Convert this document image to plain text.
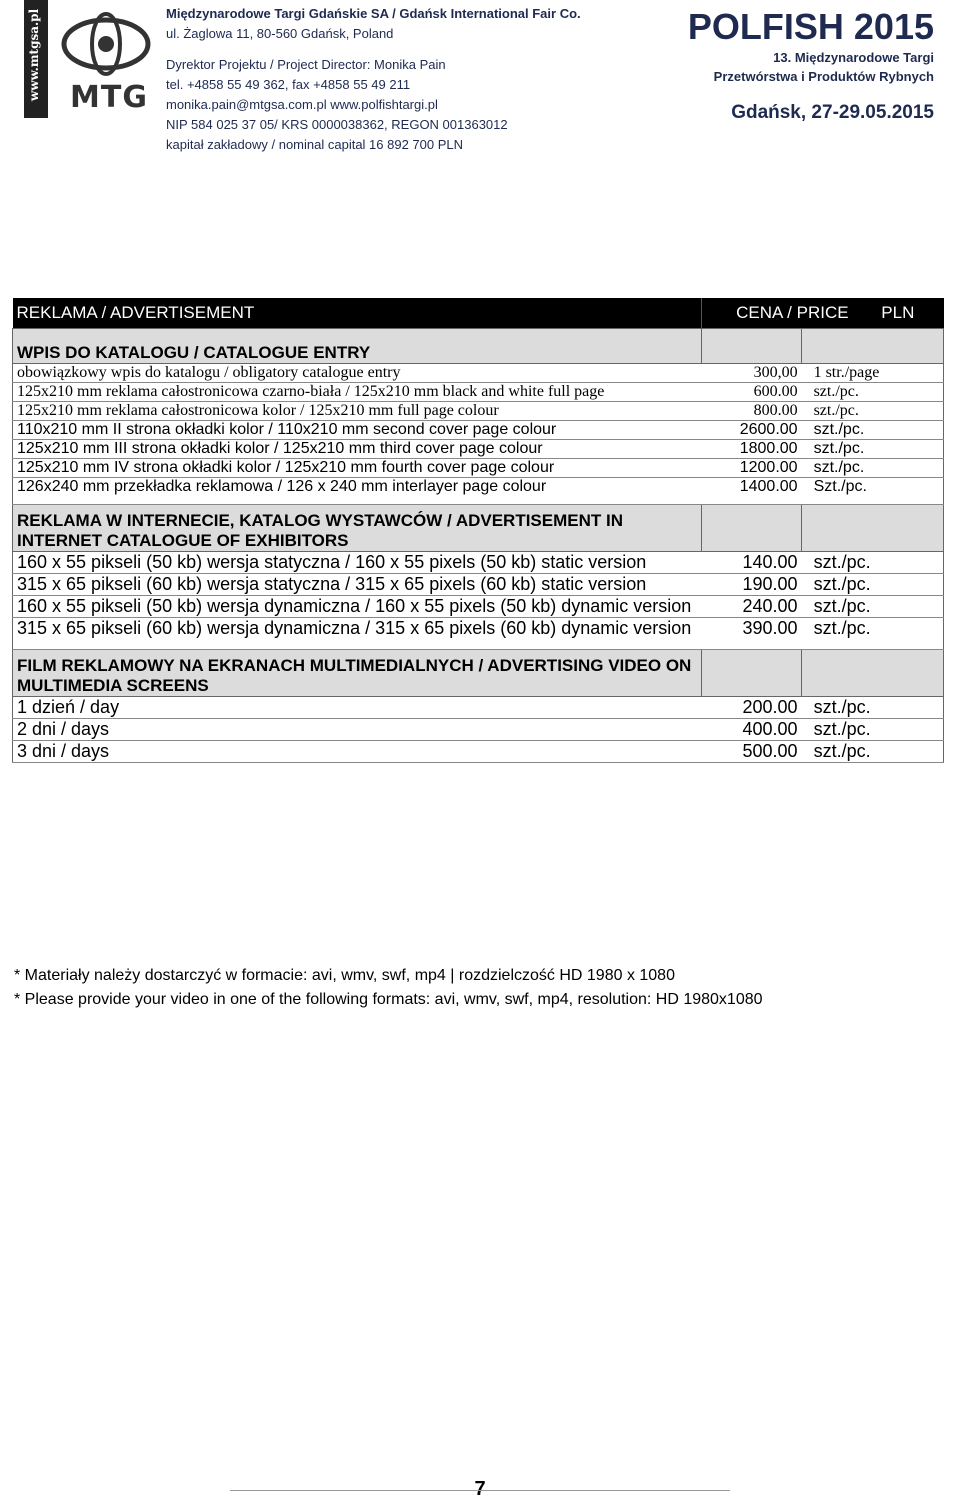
www.mtgsa.pl MTG
Międzynarodowe Targi Gdańskie SA / Gdańsk International Fair Co.
ul. Żaglowa 11, 80-560 Gdańsk, Poland
Dyrektor Projektu / Project Director: Monika Pain
tel. +4858 55 49 362, fax +4858 55 49 211
monika.pain@mtgsa.com.pl www.polfishtargi.pl
NIP 584 025 37 05/ KRS 0000038362, REGON 001363012
kapitał zakładowy / nominal capital 16 892 700 PLN
POLFISH 2015
13. Międzynarodowe Targi
Przetwórstwa i Produktów Rybnych
Gdańsk, 27-29.05.2015
REKLAMA / ADVERTISEMENT	CENA / PRICE PLN	
WPIS DO KATALOGU / CATALOGUE ENTRY		
obowiązkowy wpis do katalogu / obligatory catalogue entry	300,00	1 str./page
125x210 mm reklama całostronicowa czarno-biała / 125x210 mm black and white full page	600.00	szt./pc.
125x210 mm reklama całostronicowa kolor / 125x210 mm full page colour	800.00	szt./pc.
110x210 mm II strona okładki kolor / 110x210 mm second cover page colour	2600.00	szt./pc.
125x210 mm III strona okładki kolor / 125x210 mm third cover page colour	1800.00	szt./pc.
125x210 mm IV strona okładki kolor / 125x210 mm fourth cover page colour	1200.00	szt./pc.
126x240 mm przekładka reklamowa / 126 x 240 mm interlayer page colour	1400.00	Szt./pc.
REKLAMA W INTERNECIE, KATALOG WYSTAWCÓW / ADVERTISEMENT IN INTERNET CATALOGUE OF EXHIBITORS		
160 x 55 pikseli (50 kb) wersja statyczna / 160 x 55 pixels (50 kb) static version	140.00	szt./pc.
315 x 65 pikseli (60 kb) wersja statyczna / 315 x 65 pixels (60 kb) static version	190.00	szt./pc.
160 x 55 pikseli (50 kb) wersja dynamiczna / 160 x 55 pixels (50 kb) dynamic version	240.00	szt./pc.
315 x 65 pikseli (60 kb) wersja dynamiczna / 315 x 65 pixels (60 kb) dynamic version	390.00	szt./pc.
FILM REKLAMOWY NA EKRANACH MULTIMEDIALNYCH / ADVERTISING VIDEO ON MULTIMEDIA SCREENS		
1 dzień / day	200.00	szt./pc.
2 dni / days	400.00	szt./pc.
3 dni / days	500.00	szt./pc.
* Materiały należy dostarczyć w formacie: avi, wmv, swf, mp4 | rozdzielczość HD 1980 x 1080
* Please provide your video in one of the following formats: avi, wmv, swf, mp4, resolution: HD 1980x1080
7
